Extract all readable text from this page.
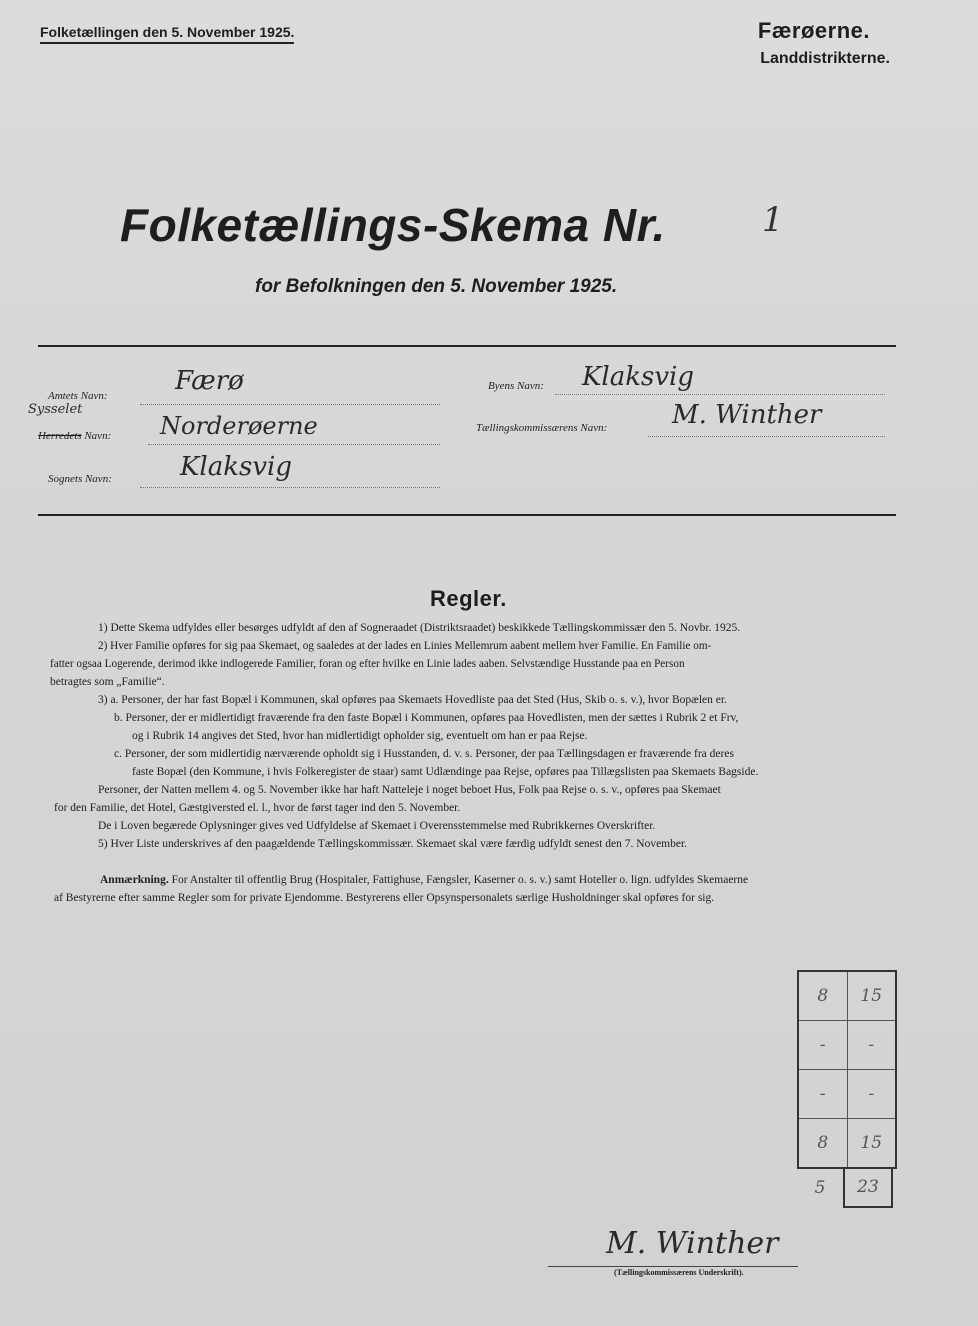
Folketællingen den 5. November 1925.	Færøerne.
Landdistrikterne.
Folketællings-Skema Nr.	1
for Befolkningen den 5. November 1925.
Amtets Navn:	Færø
Sysselet
Herredets Navn: Norderøerne
Sognets Navn:	Klaksvig
Byens Navn: Klaksvig
Tællingskommissærens Navn: M. Winther
Regler.
1) Dette Skema udfyldes eller besørges udfyldt af den af Sogneraadet (Distriktsraadet) beskikkede Tællingskommissær den 5. Novbr. 1925.
2) Hver Familie opføres for sig paa Skemaet, og saaledes at der lades en Linies Mellemrum aabent mellem hver Familie. En Familie om-
fatter ogsaa Logerende, derimod ikke indlogerede Familier, foran og efter hvilke en Linie lades aaben. Selvstændige Husstande paa en Person
betragtes som „Familie“.
3) a. Personer, der har fast Bopæl i Kommunen, skal opføres paa Skemaets Hovedliste paa det Sted (Hus, Skib o. s. v.), hvor Bopælen er.
b. Personer, der er midlertidigt fraværende fra den faste Bopæl i Kommunen, opføres paa Hovedlisten, men der sættes i Rubrik 2 et Frv,
og i Rubrik 14 angives det Sted, hvor han midlertidigt opholder sig, eventuelt om han er paa Rejse.
c. Personer, der som midlertidig nærværende opholdt sig i Husstanden, d. v. s. Personer, der paa Tællingsdagen er fraværende fra deres
faste Bopæl (den Kommune, i hvis Folkeregister de staar) samt Udlændinge paa Rejse, opføres paa Tillægslisten paa Skemaets Bagside.
Personer, der Natten mellem 4. og 5. November ikke har haft Natteleje i noget beboet Hus, Folk paa Rejse o. s. v., opføres paa Skemaet
for den Familie, det Hotel, Gæstgiversted el. l., hvor de først tager ind den 5. November.
De i Loven begærede Oplysninger gives ved Udfyldelse af Skemaet i Overensstemmelse med Rubrikkernes Overskrifter.
5) Hver Liste underskrives af den paagældende Tællingskommissær. Skemaet skal være færdig udfyldt senest den 7. November.
Anmærkning. For Anstalter til offentlig Brug (Hospitaler, Fattighuse, Fængsler, Kaserner o. s. v.) samt Hoteller o. lign. udfyldes Skemaerne
af Bestyrerne efter samme Regler som for private Ejendomme. Bestyrerens eller Opsynspersonalets særlige Husholdninger skal opføres for sig.
8	15
-	-
-	-
8	15
5	23
M. Winther
(Tællingskommissærens Underskrift).
